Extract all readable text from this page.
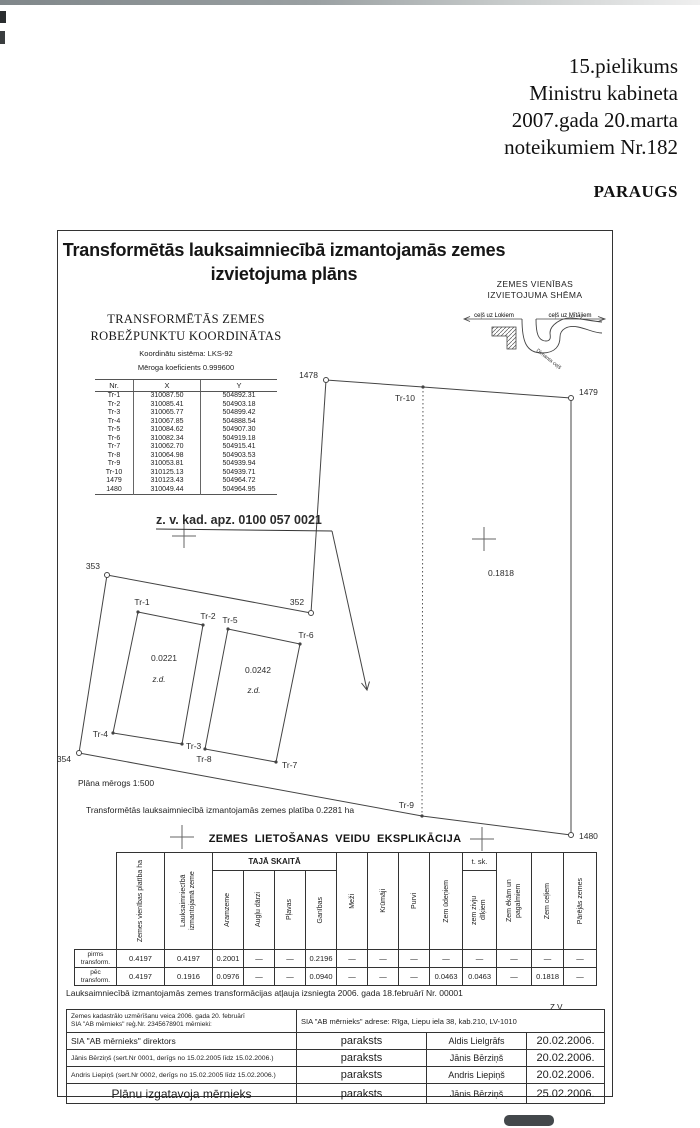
15.pielikums
Ministru kabineta
2007.gada 20.marta
noteikumiem Nr.182
PARAUGS
Transformētās lauksaimniecībā izmantojamās zemes
izvietojuma plāns	ZEMES VIENĪBAS
IZVIETOJUMA SHĒMA
ceļš uz Lokiem	ceļš uz Mītājiem
Dimanta ceļš
TRANSFORMĒTĀS ZEMES
ROBEŽPUNKTU KOORDINĀTAS
Koordinātu sistēma: LKS-92
Mēroga koeficients 0.999600
Nr.	X	Y
Tr-1	310087.50	504892.31
Tr-2	310085.41	504903.18
Tr-3	310065.77	504899.42
Tr-4	310067.85	504888.54
Tr-5	310084.62	504907.30
Tr-6	310082.34	504919.18
Tr-7	310062.70	504915.41
Tr-8	310064.98	504903.53
Tr-9	310053.81	504939.94
Tr-10	310125.13	504939.71
1479	310123.43	504964.72
1480	310049.44	504964.95
1478
1479
1480
Tr-10
Tr-9
353
352
354
Tr-1
Tr-2
Tr-3
Tr-4
Tr-5
Tr-6
Tr-7
Tr-8
0.0221
z.d.
0.0242
z.d.
0.1818
z. v. kad. apz. 0100 057 0021
Plāna mērogs 1:500
Transformētās lauksaimniecībā izmantojamās zemes platība 0.2281 ha
ZEMES  LIETOŠANAS  VEIDU  EKSPLIKĀCIJA

	Zemes vienības platība ha	Lauksaimniecībā izmantojamā zeme	TAJĀ SKAITĀ				Meži	Krūmāji	Purvi	Zem ūdeņiem	t. sk.	Zem ēkām un pagalmiem	Zem ceļiem	Pārējās zemes

			Aramzeme	Augļu dārzi	Pļavas	Ganības					zem zivju dīķiem			

pirms
transform.	0.4197	0.4197	0.2001	—	—	0.2196	—	—	—	—	—	—	—	—

pēc
transform.	0.4197	0.1916	0.0976	—	—	0.0940	—	—	—	0.0463	0.0463	—	0.1818	—
Lauksaimniecībā izmantojamās zemes transformācijas atļauja izsniegta 2006. gada 18.februārī Nr. 00001
Z.V.
Zemes kadastrālo uzmērīšanu veica 2006. gada 20. februārī
SIA "AB mērnieks" reģ.Nr. 2345678901 mērnieki:	SIA "AB mērnieks" adrese: Rīga, Liepu iela 38, kab.210, LV-1010		
SIA "AB mērnieks" direktors	paraksts	Aldis Lielgrāfs	20.02.2006.
Jānis Bērziņš (sert.Nr 0001, derīgs no 15.02.2005 līdz 15.02.2006.)	paraksts	Jānis Bērziņš	20.02.2006.
Andris Liepiņš (sert.Nr 0002, derīgs no 15.02.2005 līdz 15.02.2006.)	paraksts	Andris Liepiņš	20.02.2006.
Plānu izgatavoja mērnieks	paraksts	Jānis Bērziņš	25.02.2006.
